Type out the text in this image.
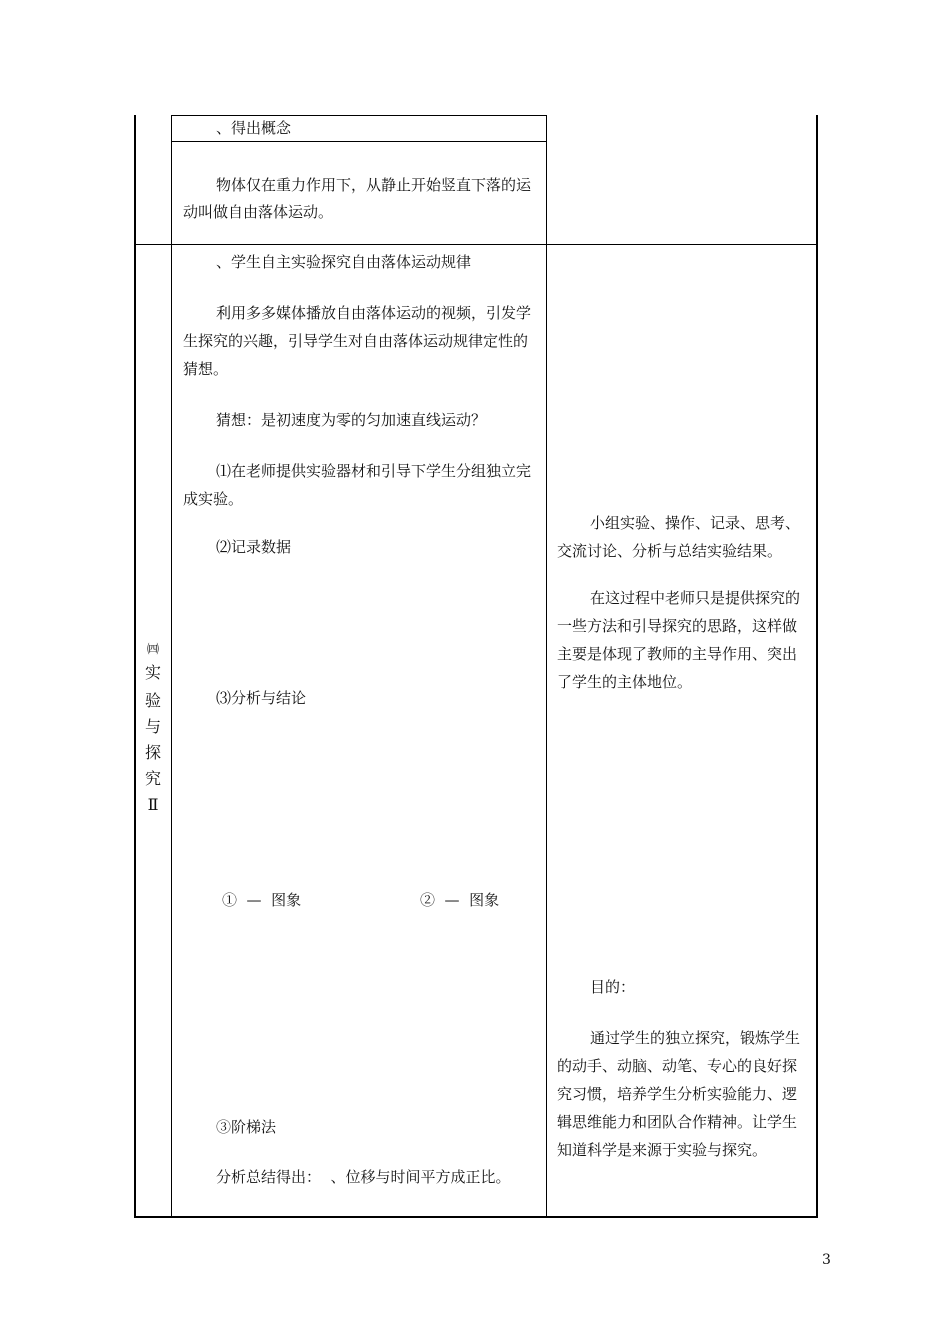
、得出概念
物体仅在重力作用下，从静止开始竖直下落的运动叫做自由落体运动。
㈣
实
验
与
探
究
Ⅱ
、学生自主实验探究自由落体运动规律
利用多多媒体播放自由落体运动的视频，引发学生探究的兴趣，引导学生对自由落体运动规律定性的猜想。
猜想：是初速度为零的匀加速直线运动？
⑴在老师提供实验器材和引导下学生分组独立完成实验。
⑵记录数据
⑶分析与结论
①  —  图象	②  —  图象
③阶梯法
分析总结得出：  、位移与时间平方成正比。
小组实验、操作、记录、思考、交流讨论、分析与总结实验结果。
在这过程中老师只是提供探究的一些方法和引导探究的思路，这样做主要是体现了教师的主导作用、突出了学生的主体地位。
目的：
通过学生的独立探究，锻炼学生的动手、动脑、动笔、专心的良好探究习惯，培养学生分析实验能力、逻辑思维能力和团队合作精神。让学生知道科学是来源于实验与探究。
3
